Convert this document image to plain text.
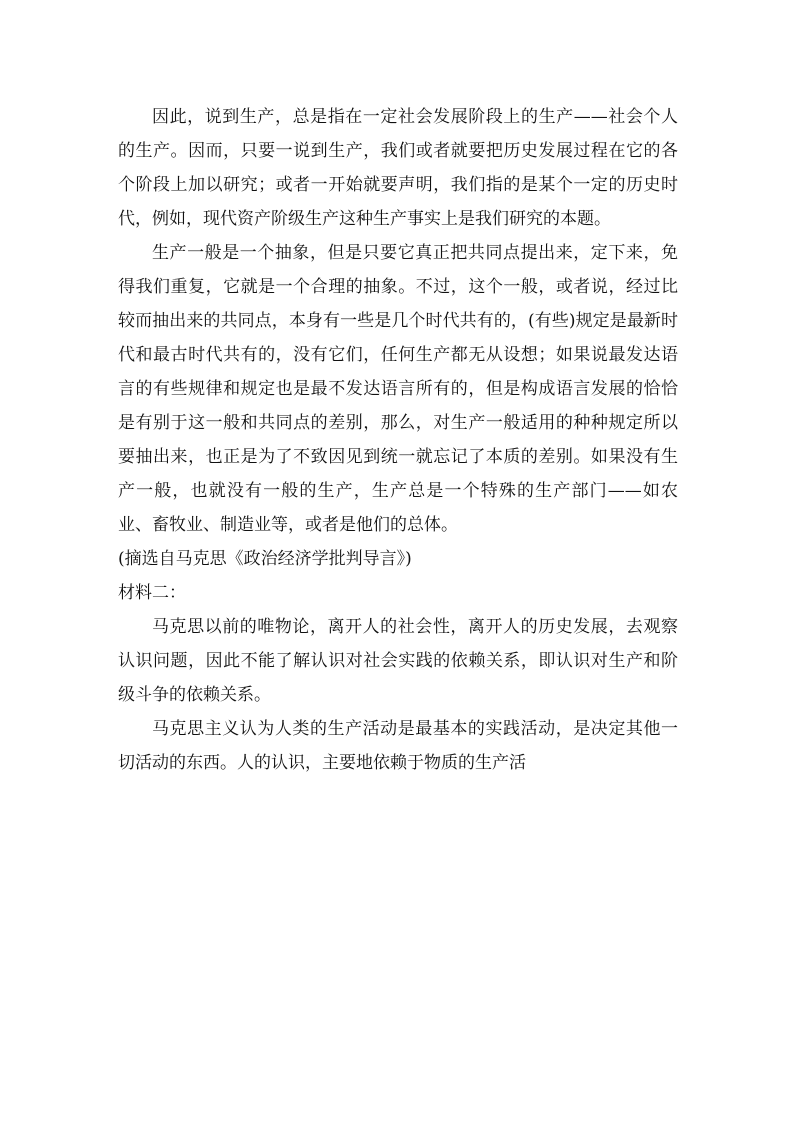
因此，说到生产，总是指在一定社会发展阶段上的生产——社会个人的生产。因而，只要一说到生产，我们或者就要把历史发展过程在它的各个阶段上加以研究；或者一开始就要声明，我们指的是某个一定的历史时代，例如，现代资产阶级生产这种生产事实上是我们研究的本题。

生产一般是一个抽象，但是只要它真正把共同点提出来，定下来，免得我们重复，它就是一个合理的抽象。不过，这个一般，或者说，经过比较而抽出来的共同点，本身有一些是几个时代共有的，(有些)规定是最新时代和最古时代共有的，没有它们，任何生产都无从设想；如果说最发达语言的有些规律和规定也是最不发达语言所有的，但是构成语言发展的恰恰是有别于这一般和共同点的差别，那么，对生产一般适用的种种规定所以要抽出来，也正是为了不致因见到统一就忘记了本质的差别。如果没有生产一般，也就没有一般的生产，生产总是一个特殊的生产部门——如农业、畜牧业、制造业等，或者是他们的总体。

(摘选自马克思《政治经济学批判导言》)

材料二：

马克思以前的唯物论，离开人的社会性，离开人的历史发展，去观察认识问题，因此不能了解认识对社会实践的依赖关系，即认识对生产和阶级斗争的依赖关系。

马克思主义认为人类的生产活动是最基本的实践活动，是决定其他一切活动的东西。人的认识，主要地依赖于物质的生产活
